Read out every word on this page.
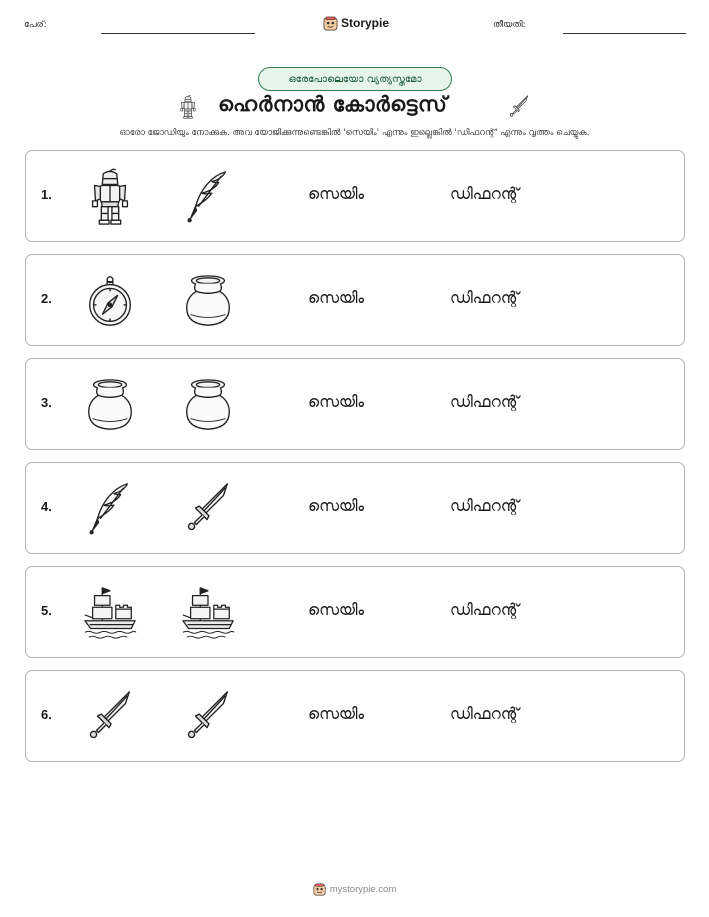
പേര്:	Storypie	തീയതി:
ഒരേപോലെയോ വ്യത്യസ്തമോ
ഹെർനാൻ കോർട്ടെസ്
ഓരോ ജോഡിയും നോക്കുക. അവ യോജിക്കുന്നുണ്ടെങ്കിൽ 'സെയിം' എന്നും ഇല്ലെങ്കിൽ 'ഡിഫറന്റ്' എന്നും വൃത്തം ചെയ്യുക.
1.	സെയിം	ഡിഫറന്റ്
2.	സെയിം	ഡിഫറന്റ്
3.	സെയിം	ഡിഫറന്റ്
4.	സെയിം	ഡിഫറന്റ്
5.	സെയിം	ഡിഫറന്റ്
6.	സെയിം	ഡിഫറന്റ്
mystorypie.com
